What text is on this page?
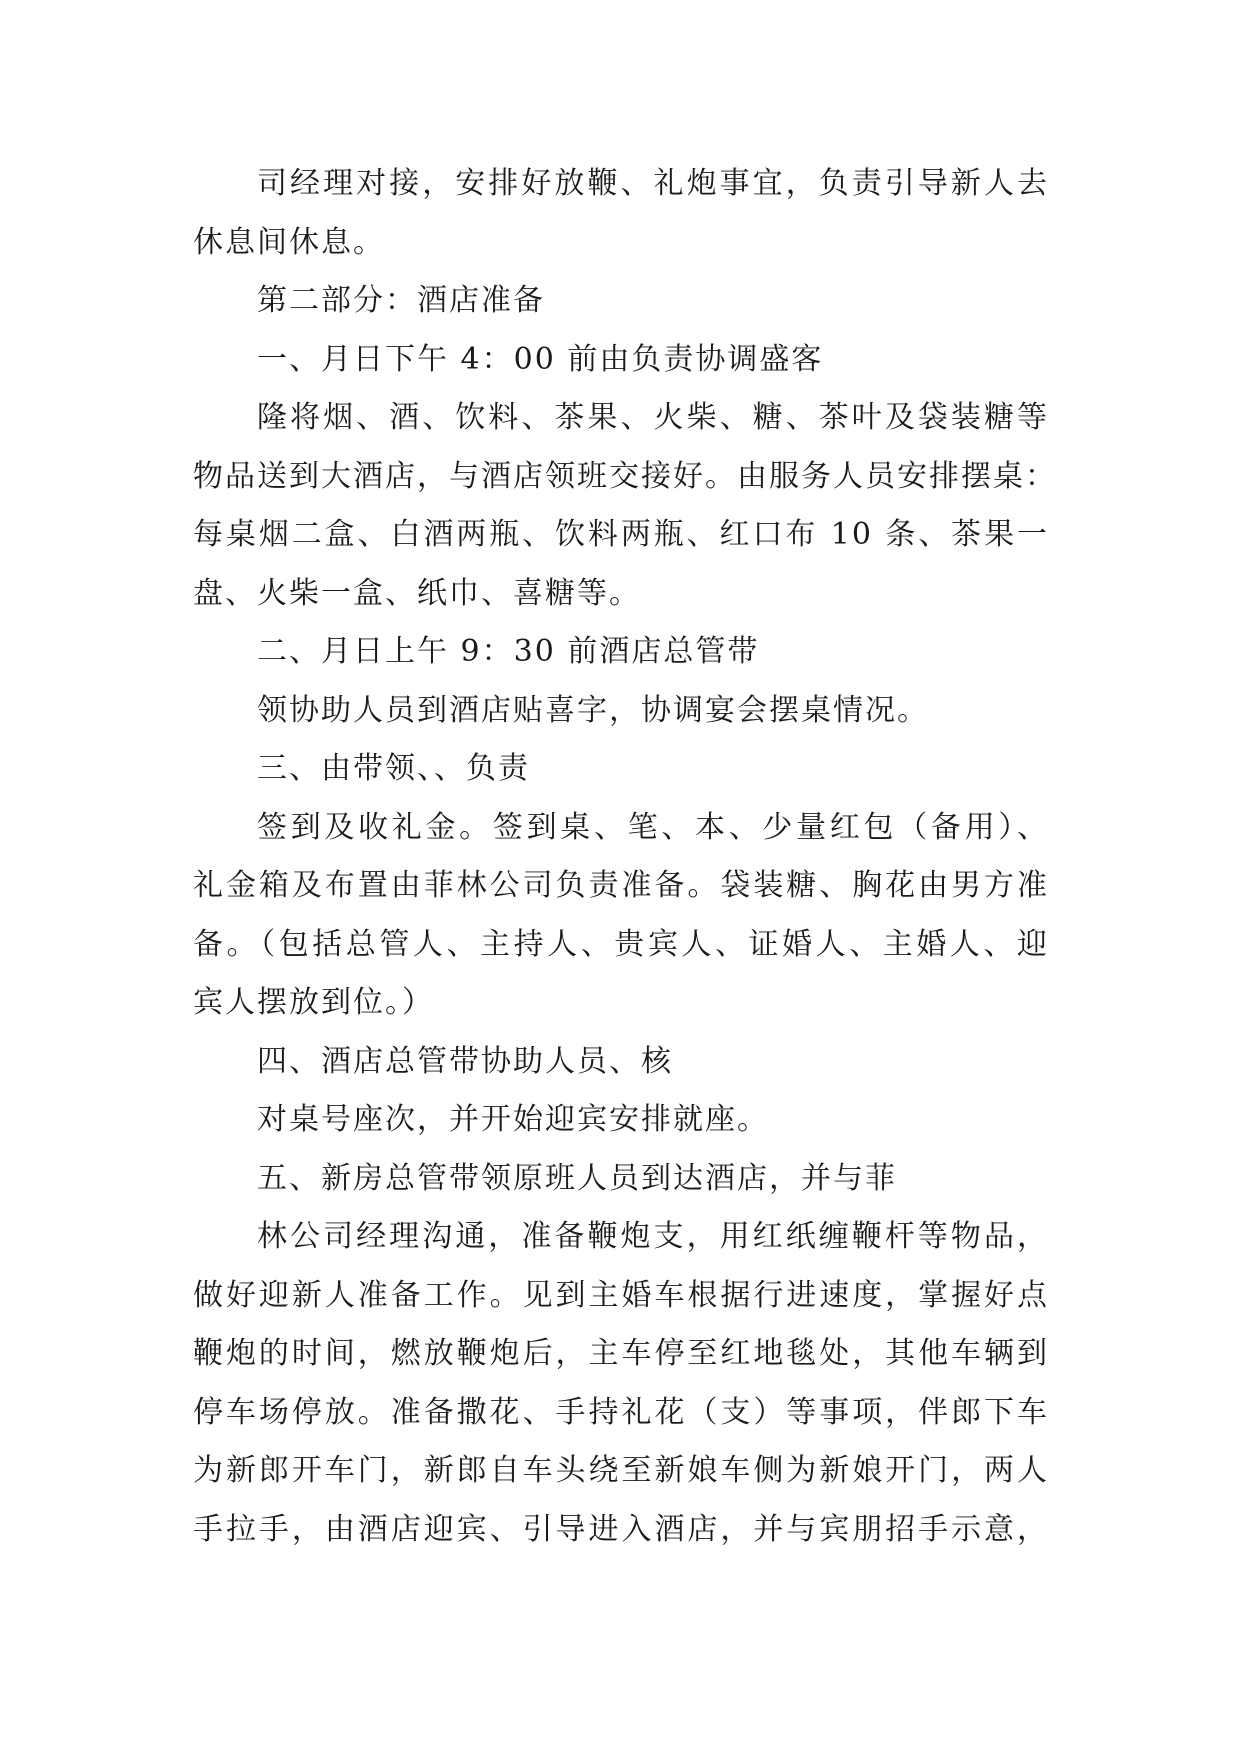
司经理对接，安排好放鞭、礼炮事宜，负责引导新人去
休息间休息。
第二部分：酒店准备
一、月日下午 4：00 前由负责协调盛客
隆将烟、酒、饮料、茶果、火柴、糖、茶叶及袋装糖等
物品送到大酒店，与酒店领班交接好。由服务人员安排摆桌：
每桌烟二盒、白酒两瓶、饮料两瓶、红口布 10 条、茶果一
盘、火柴一盒、纸巾、喜糖等。
二、月日上午 9：30 前酒店总管带
领协助人员到酒店贴喜字，协调宴会摆桌情况。
三、由带领、、负责
签到及收礼金。签到桌、笔、本、少量红包（备用）、
礼金箱及布置由菲林公司负责准备。袋装糖、胸花由男方准
备。（包括总管人、主持人、贵宾人、证婚人、主婚人、迎
宾人摆放到位。）
四、酒店总管带协助人员、核
对桌号座次，并开始迎宾安排就座。
五、新房总管带领原班人员到达酒店，并与菲
林公司经理沟通，准备鞭炮支，用红纸缠鞭杆等物品，
做好迎新人准备工作。见到主婚车根据行进速度，掌握好点
鞭炮的时间，燃放鞭炮后，主车停至红地毯处，其他车辆到
停车场停放。准备撒花、手持礼花（支）等事项，伴郎下车
为新郎开车门，新郎自车头绕至新娘车侧为新娘开门，两人
手拉手，由酒店迎宾、引导进入酒店，并与宾朋招手示意，
